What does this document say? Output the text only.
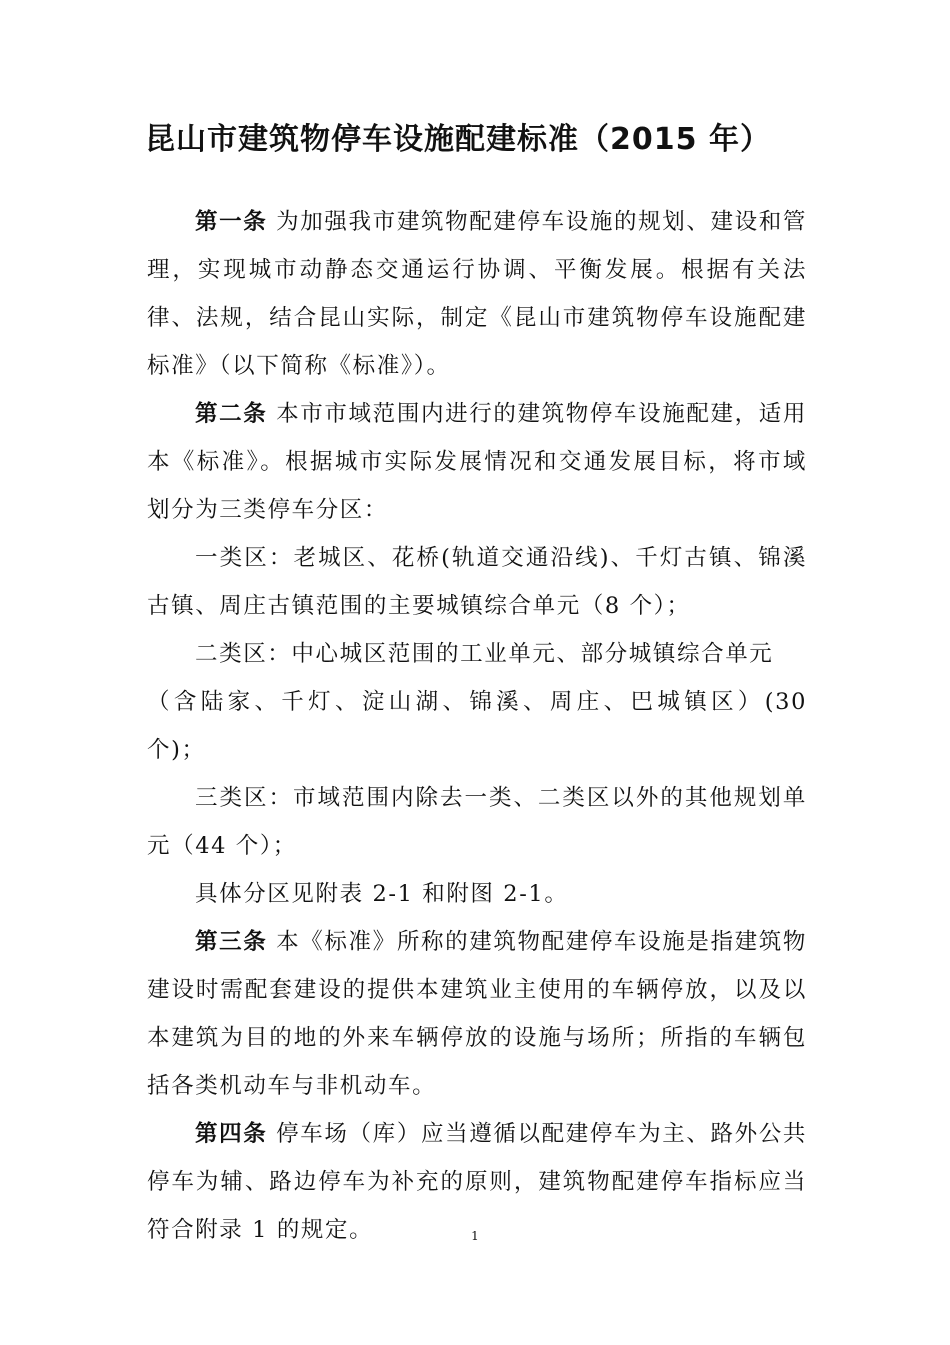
昆山市建筑物停车设施配建标准（2015 年）

第一条 为加强我市建筑物配建停车设施的规划、建设和管理，实现城市动静态交通运行协调、平衡发展。根据有关法律、法规，结合昆山实际，制定《昆山市建筑物停车设施配建标准》（以下简称《标准》）。

第二条 本市市域范围内进行的建筑物停车设施配建，适用本《标准》。根据城市实际发展情况和交通发展目标，将市域划分为三类停车分区：

一类区：老城区、花桥(轨道交通沿线)、千灯古镇、锦溪古镇、周庄古镇范围的主要城镇综合单元（8 个）；

二类区：中心城区范围的工业单元、部分城镇综合单元

（含陆家、千灯、淀山湖、锦溪、周庄、巴城镇区）(30 个)；

三类区：市域范围内除去一类、二类区以外的其他规划单元（44 个）；

具体分区见附表 2-1 和附图 2-1。

第三条 本《标准》所称的建筑物配建停车设施是指建筑物建设时需配套建设的提供本建筑业主使用的车辆停放，以及以本建筑为目的地的外来车辆停放的设施与场所；所指的车辆包括各类机动车与非机动车。

第四条 停车场（库）应当遵循以配建停车为主、路外公共停车为辅、路边停车为补充的原则，建筑物配建停车指标应当符合附录 1 的规定。	1
